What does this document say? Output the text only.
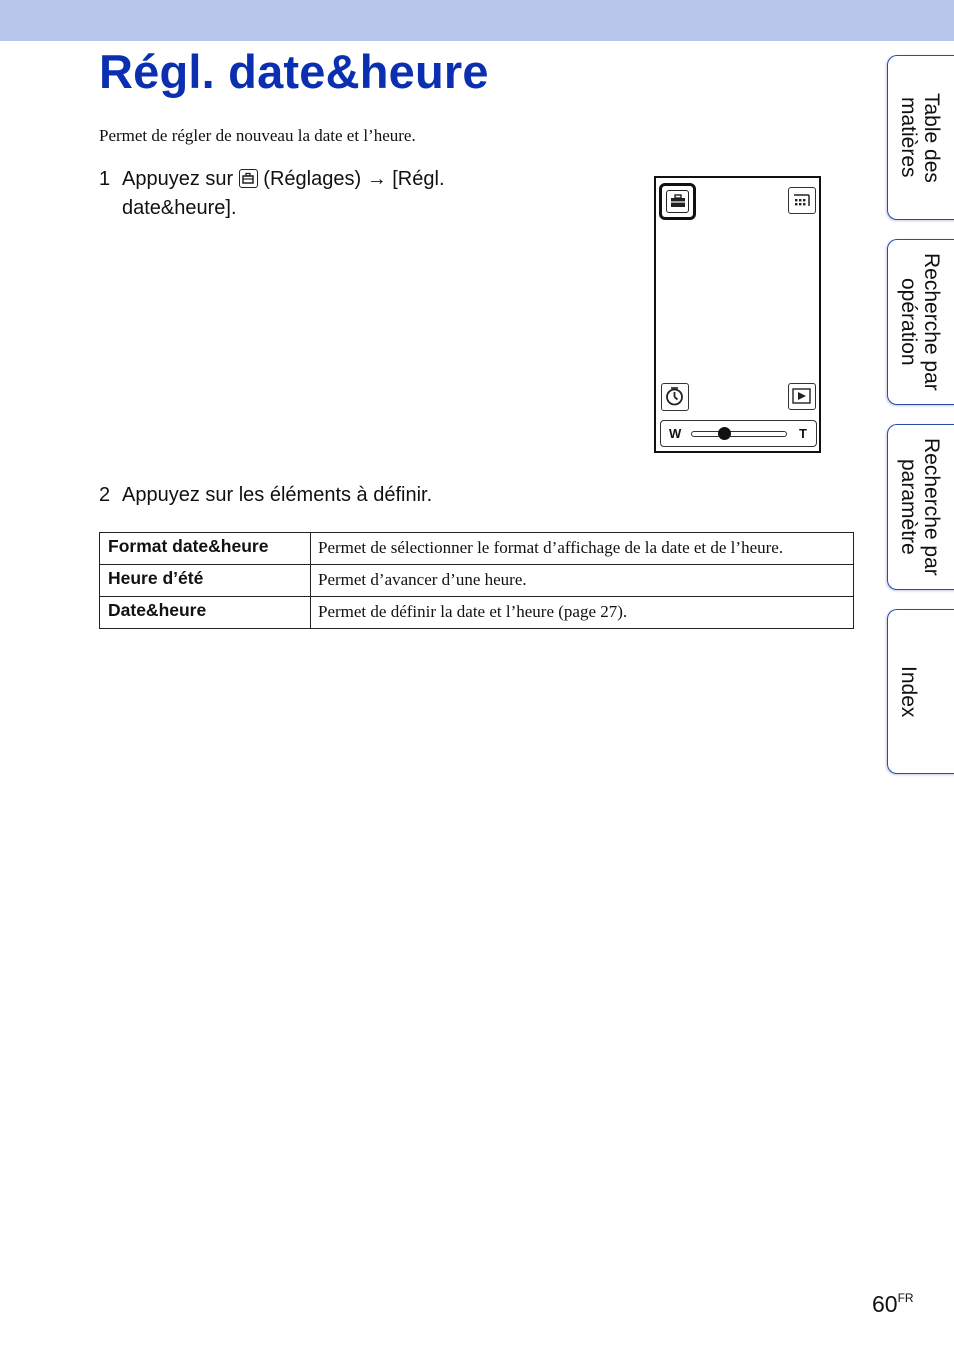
Régl. date&heure
Permet de régler de nouveau la date et l’heure.
1 Appuyez sur (Réglages) → [Régl.
date&heure].
W	T
2 Appuyez sur les éléments à définir.
Format date&heure	Permet de sélectionner le format d’affichage de la date et de l’heure.
Heure d’été	Permet d’avancer d’une heure.
Date&heure	Permet de définir la date et l’heure (page 27).
Table des matières
Recherche par opération
Recherche par paramètre
Index
$60^{FR}$
